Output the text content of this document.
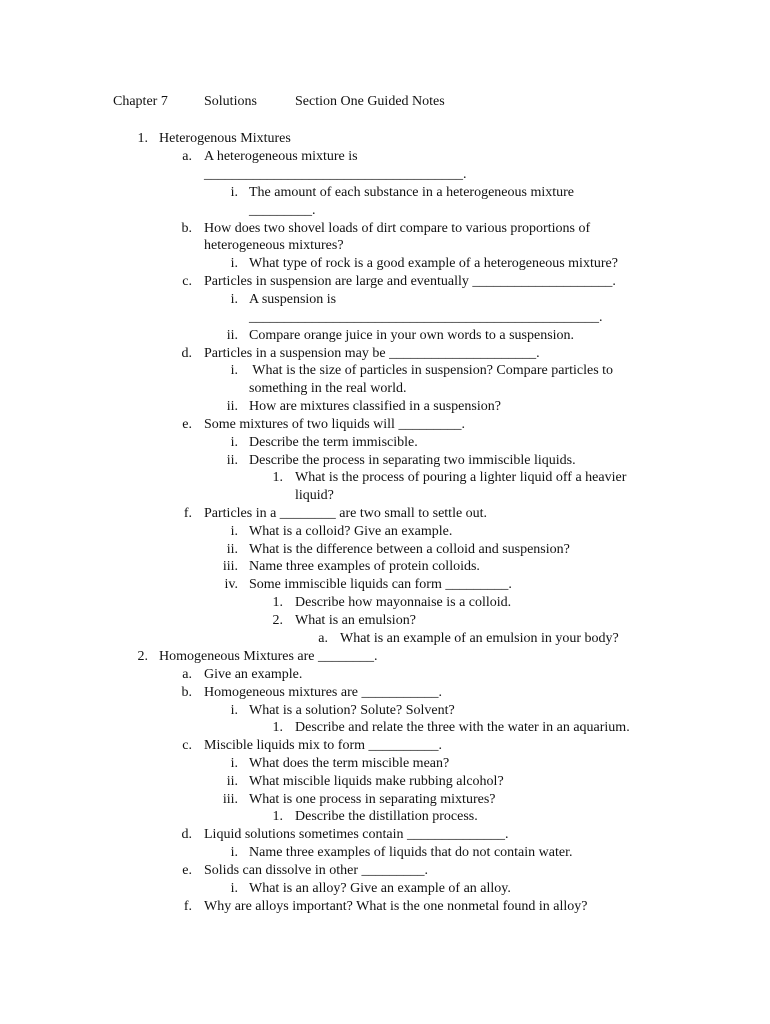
Chapter 7	Solutions	Section One Guided Notes
1. Heterogenous Mixtures
a. A heterogeneous mixture is
_____________________________________.
i. The amount of each substance in a heterogeneous mixture
_________.
b. How does two shovel loads of dirt compare to various proportions of
heterogeneous mixtures?
i. What type of rock is a good example of a heterogeneous mixture?
c. Particles in suspension are large and eventually ____________________.
i. A suspension is
__________________________________________________.
ii. Compare orange juice in your own words to a suspension.
d. Particles in a suspension may be _____________________.
i. What is the size of particles in suspension? Compare particles to
something in the real world.
ii. How are mixtures classified in a suspension?
e. Some mixtures of two liquids will _________.
i. Describe the term immiscible.
ii. Describe the process in separating two immiscible liquids.
1. What is the process of pouring a lighter liquid off a heavier
liquid?
f. Particles in a ________ are two small to settle out.
i. What is a colloid? Give an example.
ii. What is the difference between a colloid and suspension?
iii. Name three examples of protein colloids.
iv. Some immiscible liquids can form _________.
1. Describe how mayonnaise is a colloid.
2. What is an emulsion?
a. What is an example of an emulsion in your body?
2. Homogeneous Mixtures are ________.
a. Give an example.
b. Homogeneous mixtures are ___________.
i. What is a solution? Solute? Solvent?
1. Describe and relate the three with the water in an aquarium.
c. Miscible liquids mix to form __________.
i. What does the term miscible mean?
ii. What miscible liquids make rubbing alcohol?
iii. What is one process in separating mixtures?
1. Describe the distillation process.
d. Liquid solutions sometimes contain ______________.
i. Name three examples of liquids that do not contain water.
e. Solids can dissolve in other _________.
i. What is an alloy? Give an example of an alloy.
f. Why are alloys important? What is the one nonmetal found in alloy?
